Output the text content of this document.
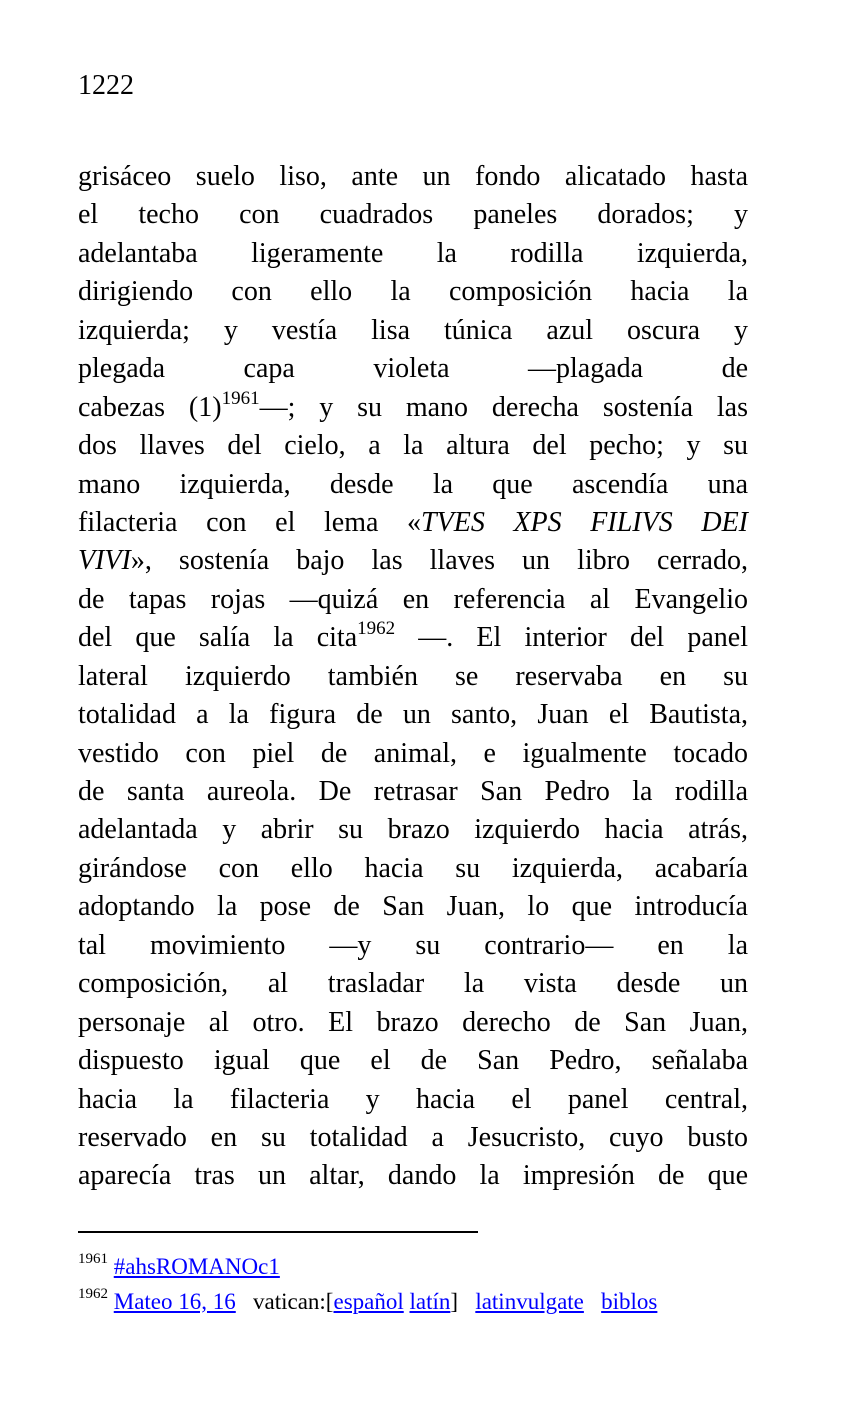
1222
grisáceo suelo liso, ante un fondo alicatado hasta
el techo con cuadrados paneles dorados; y
adelantaba ligeramente la rodilla izquierda,
dirigiendo con ello la composición hacia la
izquierda; y vestía lisa túnica azul oscura y
plegada capa violeta —plagada de
cabezas $(1)^{1961}—$; y su mano derecha sostenía las
dos llaves del cielo, a la altura del pecho; y su
mano izquierda, desde la que ascendía una
filacteria con el lema «TVES XPS FILIVS DEI
VIVI», sostenía bajo las llaves un libro cerrado,
de tapas rojas —quizá en referencia al Evangelio
del que salía la cita$^{1962}$ —. El interior del panel
lateral izquierdo también se reservaba en su
totalidad a la figura de un santo, Juan el Bautista,
vestido con piel de animal, e igualmente tocado
de santa aureola. De retrasar San Pedro la rodilla
adelantada y abrir su brazo izquierdo hacia atrás,
girándose con ello hacia su izquierda, acabaría
adoptando la pose de San Juan, lo que introducía
tal movimiento —y su contrario— en la
composición, al trasladar la vista desde un
personaje al otro. El brazo derecho de San Juan,
dispuesto igual que el de San Pedro, señalaba
hacia la filacteria y hacia el panel central,
reservado en su totalidad a Jesucristo, cuyo busto
aparecía tras un altar, dando la impresión de que
$^{1961}$ #ahsROMANOc1
$^{1962}$ Mateo 16, 16   vatican:[español latín]   latinvulgate biblos
